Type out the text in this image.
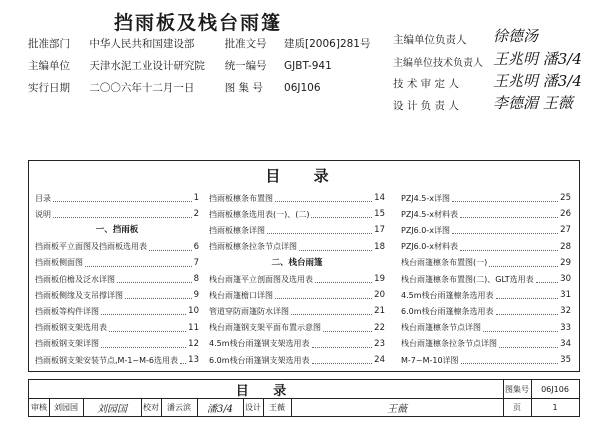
挡雨板及栈台雨篷
批准部门 中华人民共和国建设部	批准文号 建质[2006]281号
主编单位 天津水泥工业设计研究院 统一编号 GJBT-941
实行日期 二〇〇六年十二月一日	图 集 号 06J106
主编单位负责人 徐德汤
主编单位技术负责人 王兆明 潘3/4
技 术 审 定 人 王兆明 潘3/4
设 计 负 责 人 李德湄 王薇
目 录
目录	1
说明	2
一、挡雨板
挡雨板平立面图及挡雨板选用表	6
挡雨板侧面图	7
挡雨板伯檐及泛水详图	8
挡雨板侧缘及支吊撑详图	9
挡雨板等构件详图	10
挡雨板钢支架选用表	11
挡雨板钢支架详图	12
挡雨板钢支架安装节点,M-1~M-6选用表 13
挡雨板檩条布置图	14
挡雨板檩条选用表(一)、(二)	15
挡雨板檩条详图	17
挡雨板檩条拉条节点详图	18
二、栈台雨篷
栈台雨篷平立剖面图及选用表	19
栈台雨篷檐口详图	20
管道穿防雨篷防水详图	21
栈台雨篷钢支架平面布置示意图	22
4.5m栈台雨篷钢支架选用表	23
6.0m栈台雨篷钢支架选用表	24
PZJ4.5-x详图	25
PZJ4.5-x材料表	26
PZJ6.0-x详图	27
PZJ6.0-x材料表	28
栈台雨篷檩条布置图(一)	29
栈台雨篷檩条布置图(二)、GLT选用表	30
4.5m栈台雨篷檩条选用表	31
6.0m栈台雨篷檩条选用表	32
栈台雨篷檩条节点详图	33
栈台雨篷檩条拉条节点详图	34
M-7~M-10详图	35
目 录	图集号	06J106
审核 刘园国	刘园国	校对	潘云滨	潘3/4	设计	王薇	王薇	页	1
